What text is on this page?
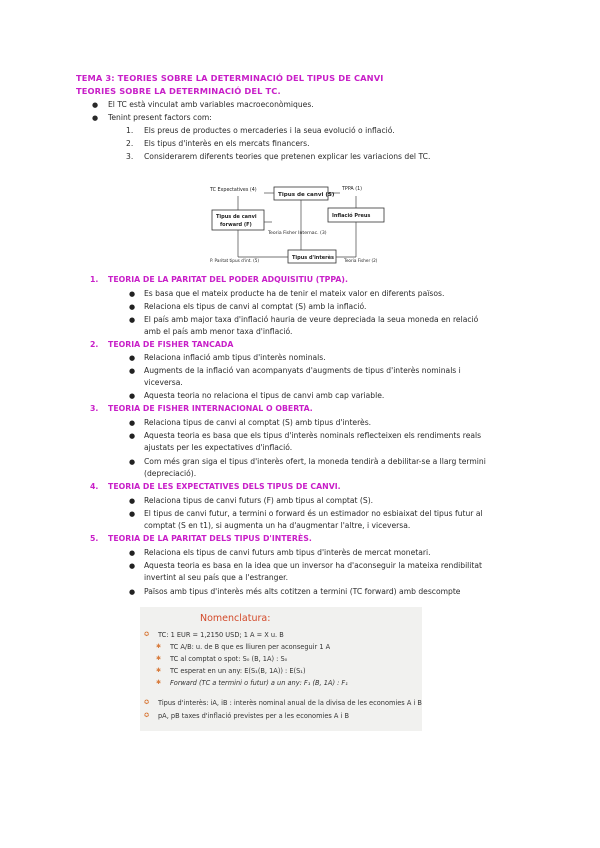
TEMA 3: TEORIES SOBRE LA DETERMINACIÓ DEL TIPUS DE CANVI
TEORIES SOBRE LA DETERMINACIÓ DEL TC.
● El TC està vinculat amb variables macroeconòmiques.
● Tenint present factors com:
1. Els preus de productes o mercaderies i la seua evolució o inflació.
2. Els tipus d'interès en els mercats financers.
3. Considerarem diferents teories que pretenen explicar les variacions del TC.
TC Expectatives (4)
Tipus de canvi (S)
TPPA (1)
Tipus de canvi
forward (F)
Inflació Preus
Teoria Fisher Internac. (3)
Tipus d'interès
P. Paritat tipus d'int. (5)	Teoria Fisher (2)
1. TEORIA DE LA PARITAT DEL PODER ADQUISITIU (TPPA).
● Es basa que el mateix producte ha de tenir el mateix valor en diferents països.
● Relaciona els tipus de canvi al comptat (S) amb la inflació.
● El país amb major taxa d'inflació hauria de veure depreciada la seua moneda en relació
amb el país amb menor taxa d'inflació.
2. TEORIA DE FISHER TANCADA
● Relaciona inflació amb tipus d'interès nominals.
● Augments de la inflació van acompanyats d'augments de tipus d'interès nominals i
viceversa.
● Aquesta teoria no relaciona el tipus de canvi amb cap variable.
3. TEORIA DE FISHER INTERNACIONAL O OBERTA.
● Relaciona tipus de canvi al comptat (S) amb tipus d'interès.
● Aquesta teoria es basa que els tipus d'interès nominals reflecteixen els rendiments reals
ajustats per les expectatives d'inflació.
● Com més gran siga el tipus d'interès ofert, la moneda tendirà a debilitar-se a llarg termini
(depreciació).
4. TEORIA DE LES EXPECTATIVES DELS TIPUS DE CANVI.
● Relaciona tipus de canvi futurs (F) amb tipus al comptat (S).
● El tipus de canvi futur, a termini o forward és un estimador no esbiaixat del tipus futur al
comptat (S en t1), si augmenta un ha d'augmentar l'altre, i viceversa.
5. TEORIA DE LA PARITAT DELS TIPUS D'INTERÈS.
● Relaciona els tipus de canvi futurs amb tipus d'interès de mercat monetari.
● Aquesta teoria es basa en la idea que un inversor ha d'aconseguir la mateixa rendibilitat
invertint al seu país que a l'estranger.
● Països amb tipus d'interès més alts cotitzen a termini (TC forward) amb descompte
Nomenclatura:
✪ TC: 1 EUR = 1,2150 USD; 1 A = X u. B
✱ TC A/B: u. de B que es lliuren per aconseguir 1 A
✱ TC al comptat o spot: S₀ (B, 1A) : S₀
✱ TC esperat en un any: E(S₁(B, 1A)) : E(S₁)
✱ Forward (TC a termini o futur) a un any: F₁ (B, 1A) : F₁
✪ Tipus d'interès: iA, iB : interès nominal anual de la divisa de les economies A i B
✪ pA, pB taxes d'inflació previstes per a les economies A i B
